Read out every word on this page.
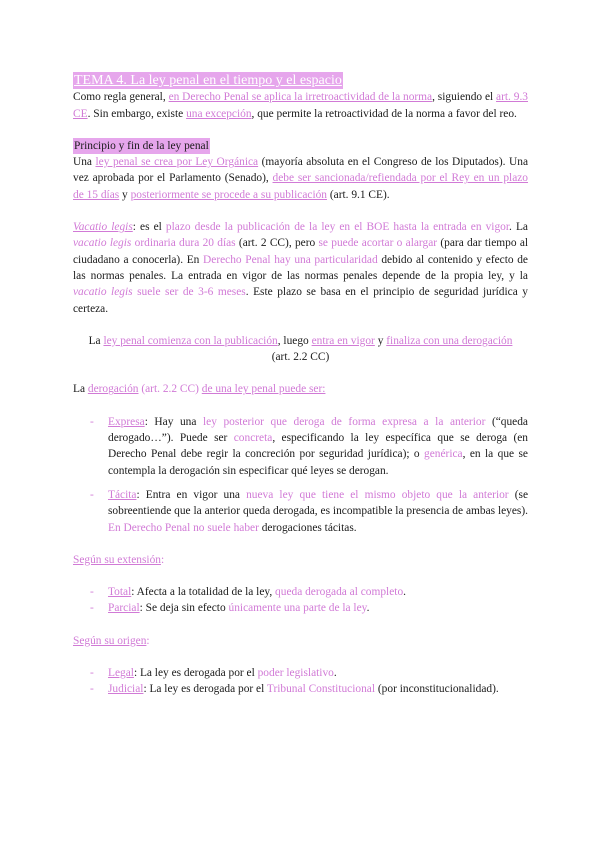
TEMA 4. La ley penal en el tiempo y el espacio

Como regla general, en Derecho Penal se aplica la irretroactividad de la norma, siguiendo el art. 9.3 CE. Sin embargo, existe una excepción, que permite la retroactividad de la norma a favor del reo.

Principio y fin de la ley penal

Una ley penal se crea por Ley Orgánica (mayoría absoluta en el Congreso de los Diputados). Una vez aprobada por el Parlamento (Senado), debe ser sancionada/refiendada por el Rey en un plazo de 15 días y posteriormente se procede a su publicación (art. 9.1 CE).

Vacatio legis: es el plazo desde la publicación de la ley en el BOE hasta la entrada en vigor. La vacatio legis ordinaria dura 20 días (art. 2 CC), pero se puede acortar o alargar (para dar tiempo al ciudadano a conocerla). En Derecho Penal hay una particularidad debido al contenido y efecto de las normas penales. La entrada en vigor de las normas penales depende de la propia ley, y la vacatio legis suele ser de 3-6 meses. Este plazo se basa en el principio de seguridad jurídica y certeza.

La ley penal comienza con la publicación, luego entra en vigor y finaliza con una derogación
(art. 2.2 CC)

La derogación (art. 2.2 CC) de una ley penal puede ser:

- Expresa: Hay una ley posterior que deroga de forma expresa a la anterior (“queda derogado…”). Puede ser concreta, especificando la ley específica que se deroga (en Derecho Penal debe regir la concreción por seguridad jurídica); o genérica, en la que se contempla la derogación sin especificar qué leyes se derogan.
- Tácita: Entra en vigor una nueva ley que tiene el mismo objeto que la anterior (se sobreentiende que la anterior queda derogada, es incompatible la presencia de ambas leyes). En Derecho Penal no suele haber derogaciones tácitas.

Según su extensión:

- Total: Afecta a la totalidad de la ley, queda derogada al completo.
- Parcial: Se deja sin efecto únicamente una parte de la ley.

Según su origen:

- Legal: La ley es derogada por el poder legislativo.
- Judicial: La ley es derogada por el Tribunal Constitucional (por inconstitucionalidad).
